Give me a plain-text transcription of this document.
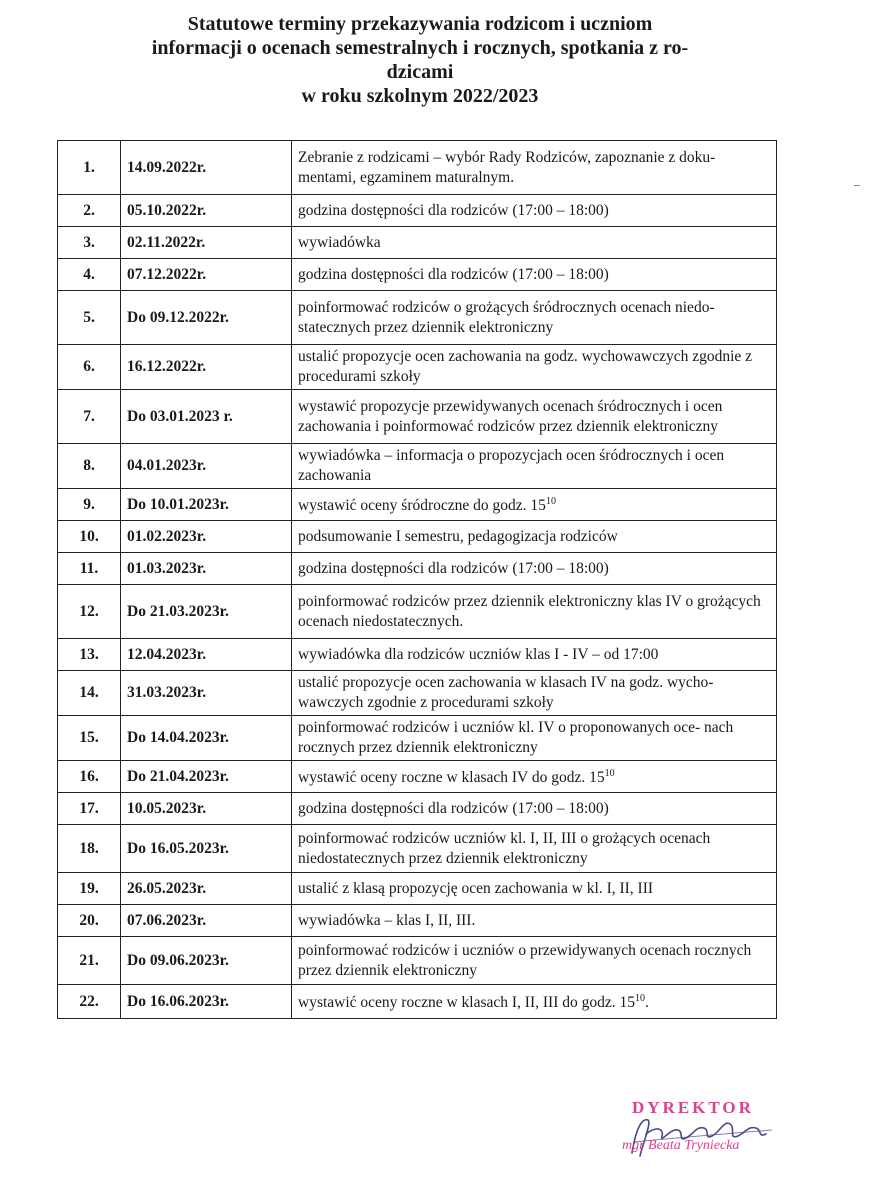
Statutowe terminy przekazywania rodzicom i uczniom
informacji o ocenach semestralnych i rocznych, spotkania z ro-
dzicami
w roku szkolnym 2022/2023
1.	14.09.2022r.	Zebranie z rodzicami – wybór Rady Rodziców, zapoznanie z doku- mentami, egzaminem maturalnym.
2.	05.10.2022r.	godzina dostępności dla rodziców (17:00 – 18:00)
3.	02.11.2022r.	wywiadówka
4.	07.12.2022r.	godzina dostępności dla rodziców (17:00 – 18:00)
5.	Do 09.12.2022r.	poinformować rodziców o grożących śródrocznych ocenach niedo- statecznych przez dziennik elektroniczny
6.	16.12.2022r.	ustalić propozycje ocen zachowania na godz. wychowawczych zgodnie z procedurami szkoły
7.	Do 03.01.2023 r.	wystawić propozycje przewidywanych ocenach śródrocznych i ocen zachowania i poinformować rodziców przez dziennik elektroniczny
8.	04.01.2023r.	wywiadówka – informacja o propozycjach ocen śródrocznych i ocen zachowania
9.	Do 10.01.2023r.	wystawić oceny śródroczne do godz. $15^{10}$
10.	01.02.2023r.	podsumowanie I semestru, pedagogizacja rodziców
11.	01.03.2023r.	godzina dostępności dla rodziców (17:00 – 18:00)
12.	Do 21.03.2023r.	poinformować rodziców przez dziennik elektroniczny klas IV o grożących ocenach niedostatecznych.
13.	12.04.2023r.	wywiadówka dla rodziców uczniów klas I - IV – od 17:00
14.	31.03.2023r.	ustalić propozycje ocen zachowania w klasach IV na godz. wycho- wawczych zgodnie z procedurami szkoły
15.	Do 14.04.2023r.	poinformować rodziców i uczniów kl. IV o proponowanych oce- nach rocznych przez dziennik elektroniczny
16.	Do 21.04.2023r.	wystawić oceny roczne w klasach IV do godz. $15^{10}$
17.	10.05.2023r.	godzina dostępności dla rodziców (17:00 – 18:00)
18.	Do 16.05.2023r.	poinformować rodziców uczniów kl. I, II, III o grożących ocenach niedostatecznych przez dziennik elektroniczny
19.	26.05.2023r.	ustalić z klasą propozycję ocen zachowania w kl. I, II, III
20.	07.06.2023r.	wywiadówka – klas I, II, III.
21.	Do 09.06.2023r.	poinformować rodziców i uczniów o przewidywanych ocenach rocznych przez dziennik elektroniczny
22.	Do 16.06.2023r.	wystawić oceny roczne w klasach I, II, III do godz. $15^{10}$.
DYREKTOR
mgr Beata Tryniecka
